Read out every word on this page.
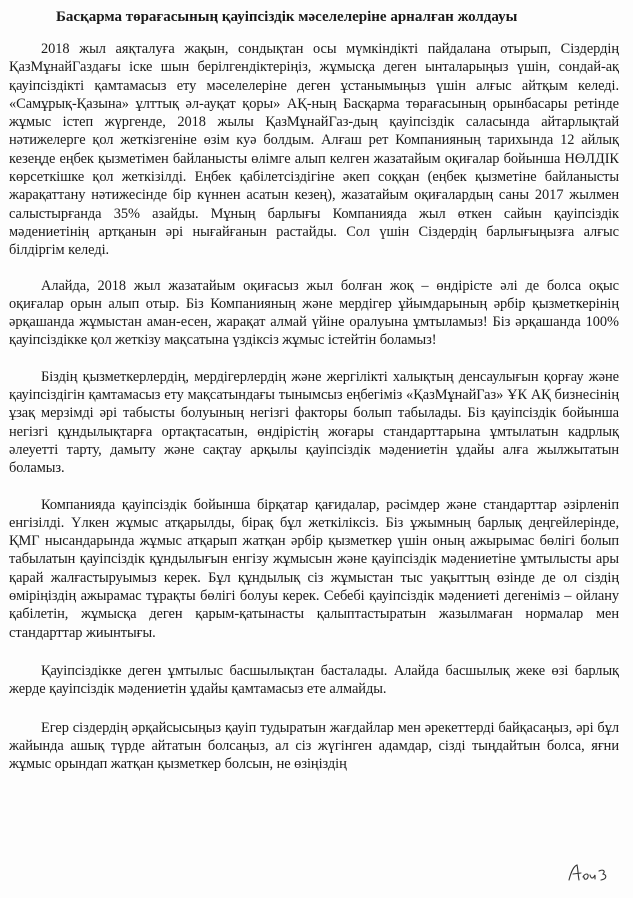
Басқарма төрағасының қауіпсіздік мәселелеріне арналған жолдауы

2018 жыл аяқталуға жақын, сондықтан осы мүмкіндікті пайдалана отырып, Сіздердің ҚазМұнайГаздағы іске шын берілгендіктеріңіз, жұмысқа деген ынталарыңыз үшін, сондай-ақ қауіпсіздікті қамтамасыз ету мәселелеріне деген ұстанымыңыз үшін алғыс айтқым келеді. «Самұрық-Қазына» ұлттық әл-ауқат қоры» АҚ-ның Басқарма төрағасының орынбасары ретінде жұмыс істеп жүргенде, 2018 жылы ҚазМұнайГаз-дың қауіпсіздік саласында айтарлықтай нәтижелерге қол жеткізгеніне өзім куә болдым. Алғаш рет Компанияның тарихында 12 айлық кезеңде еңбек қызметімен байланысты өлімге алып келген жазатайым оқиғалар бойынша НӨЛДІК көрсеткішке қол жеткізілді. Еңбек қабілетсіздігіне әкеп соққан (еңбек қызметіне байланысты жарақаттану нәтижесінде бір күннен асатын кезең), жазатайым оқиғалардың саны 2017 жылмен салыстырғанда 35% азайды. Мұның барлығы Компанияда жыл өткен сайын қауіпсіздік мәдениетінің артқанын әрі нығайғанын растайды. Сол үшін Сіздердің барлығыңызға алғыс білдіргім келеді.

Алайда, 2018 жыл жазатайым оқиғасыз жыл болған жоқ – өндірісте әлі де болса оқыс оқиғалар орын алып отыр. Біз Компанияның және мердігер ұйымдарының әрбір қызметкерінің әрқашанда жұмыстан аман-есен, жарақат алмай үйіне оралуына ұмтыламыз! Біз әрқашанда 100% қауіпсіздікке қол жеткізу мақсатына үздіксіз жұмыс істейтін боламыз!

Біздің қызметкерлердің, мердігерлердің және жергілікті халықтың денсаулығын қорғау және қауіпсіздігін қамтамасыз ету мақсатындағы тынымсыз еңбегіміз «ҚазМұнайГаз» ҰК АҚ бизнесінің ұзақ мерзімді әрі табысты болуының негізгі факторы болып табылады. Біз қауіпсіздік бойынша негізгі құндылықтарға ортақтасатын, өндірістің жоғары стандарттарына ұмтылатын кадрлық әлеуетті тарту, дамыту және сақтау арқылы қауіпсіздік мәдениетін ұдайы алға жылжытатын боламыз.

Компанияда қауіпсіздік бойынша бірқатар қағидалар, рәсімдер және стандарттар әзірленіп енгізілді. Үлкен жұмыс атқарылды, бірақ бұл жеткіліксіз. Біз ұжымның барлық деңгейлерінде, ҚМГ нысандарында жұмыс атқарып жатқан әрбір қызметкер үшін оның ажырымас бөлігі болып табылатын қауіпсіздік құндылығын енгізу жұмысын және қауіпсіздік мәдениетіне ұмтылысты ары қарай жалғастыруымыз керек. Бұл құндылық сіз жұмыстан тыс уақыттың өзінде де ол сіздің өміріңіздің ажырамас тұрақты бөлігі болуы керек. Себебі қауіпсіздік мәдениеті дегеніміз – ойлану қабілетін, жұмысқа деген қарым-қатынасты қалыптастыратын жазылмаған нормалар мен стандарттар жиынтығы.

Қауіпсіздікке деген ұмтылыс басшылықтан басталады. Алайда басшылық жеке өзі барлық жерде қауіпсіздік мәдениетін ұдайы қамтамасыз ете алмайды.

Егер сіздердің әрқайсысыңыз қауіп тудыратын жағдайлар мен әрекеттерді байқасаңыз, әрі бұл жайында ашық түрде айтатын болсаңыз, ал сіз жүгінген адамдар, сізді тыңдайтын болса, яғни жұмыс орындап жатқан қызметкер болсын, не өзіңіздің
